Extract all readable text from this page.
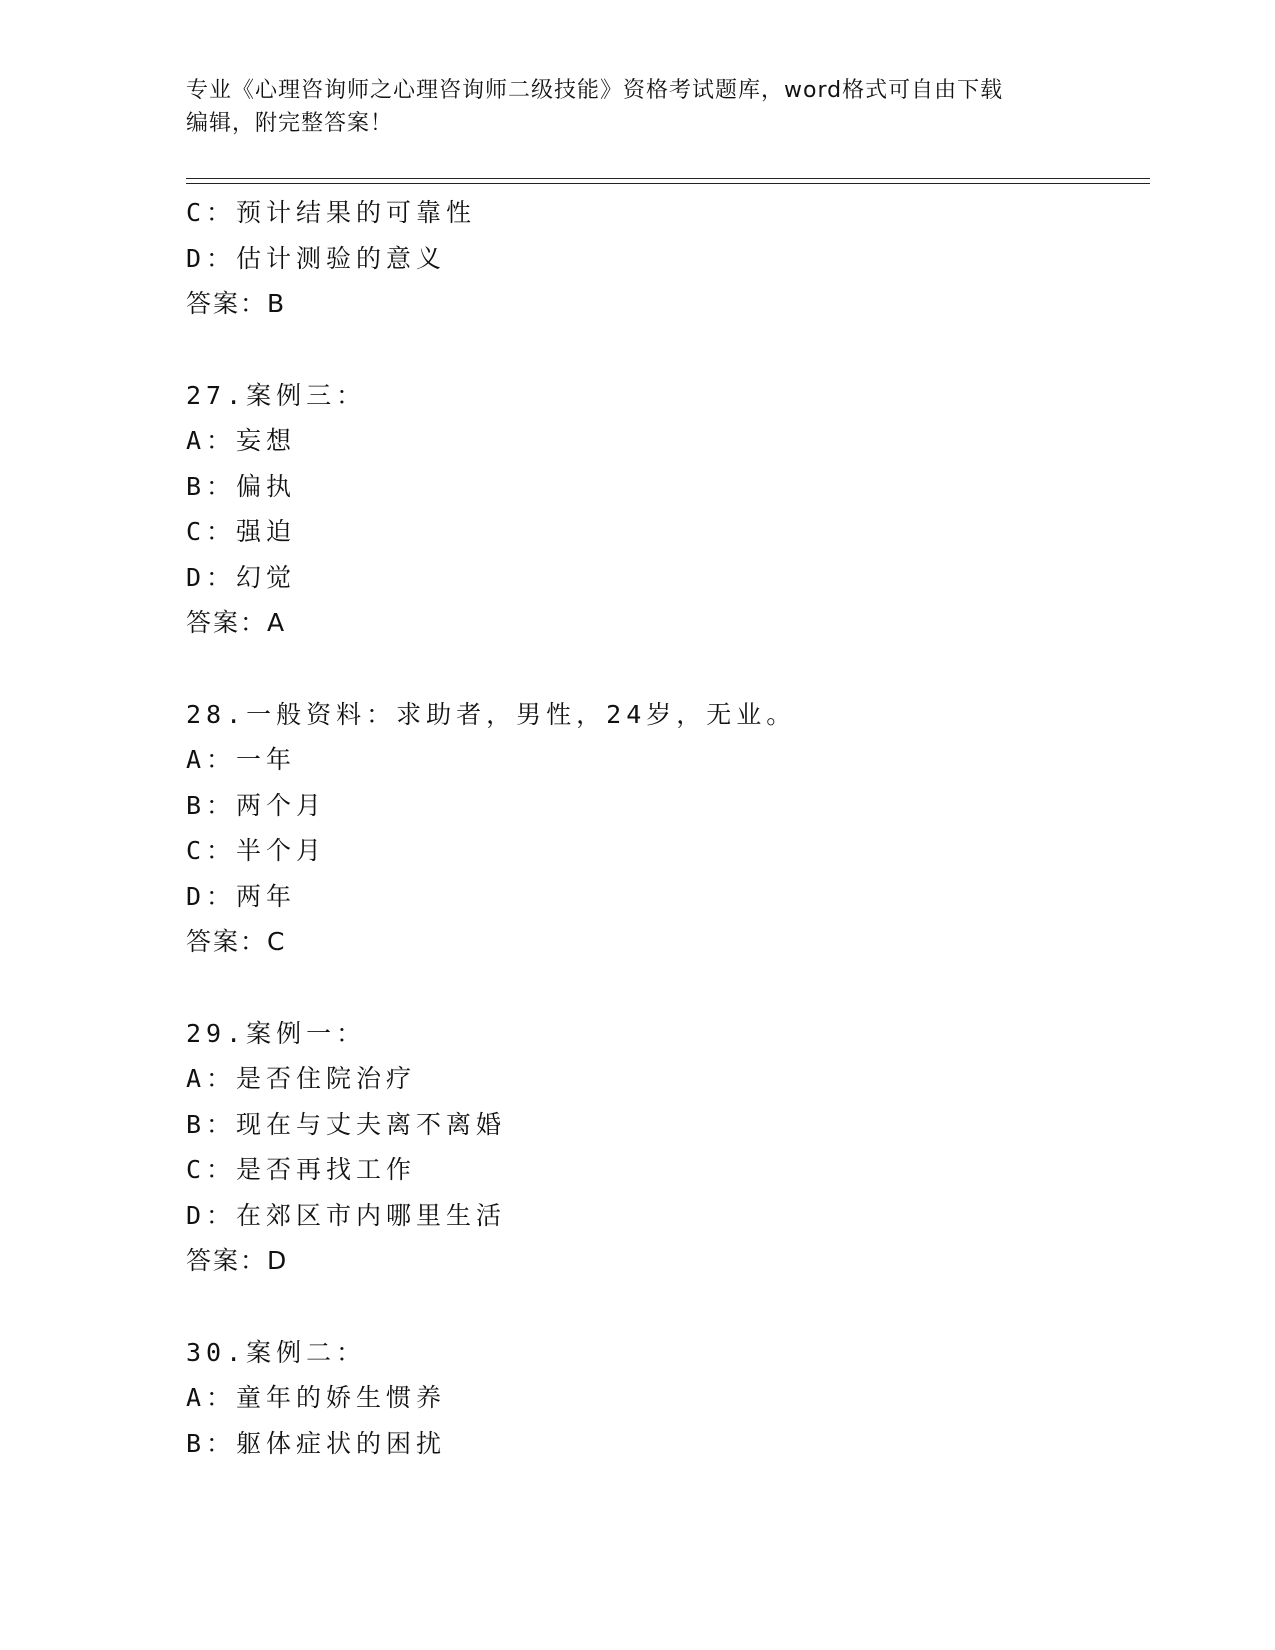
专业《心理咨询师之心理咨询师二级技能》资格考试题库，word格式可自由下载
编辑，附完整答案！
C：预计结果的可靠性
D：估计测验的意义
答案：B
27.案例三：
A：妄想
B：偏执
C：强迫
D：幻觉
答案：A
28.一般资料：求助者，男性，24岁，无业。
A：一年
B：两个月
C：半个月
D：两年
答案：C
29.案例一：
A：是否住院治疗
B：现在与丈夫离不离婚
C：是否再找工作
D：在郊区市内哪里生活
答案：D
30.案例二：
A：童年的娇生惯养
B：躯体症状的困扰
